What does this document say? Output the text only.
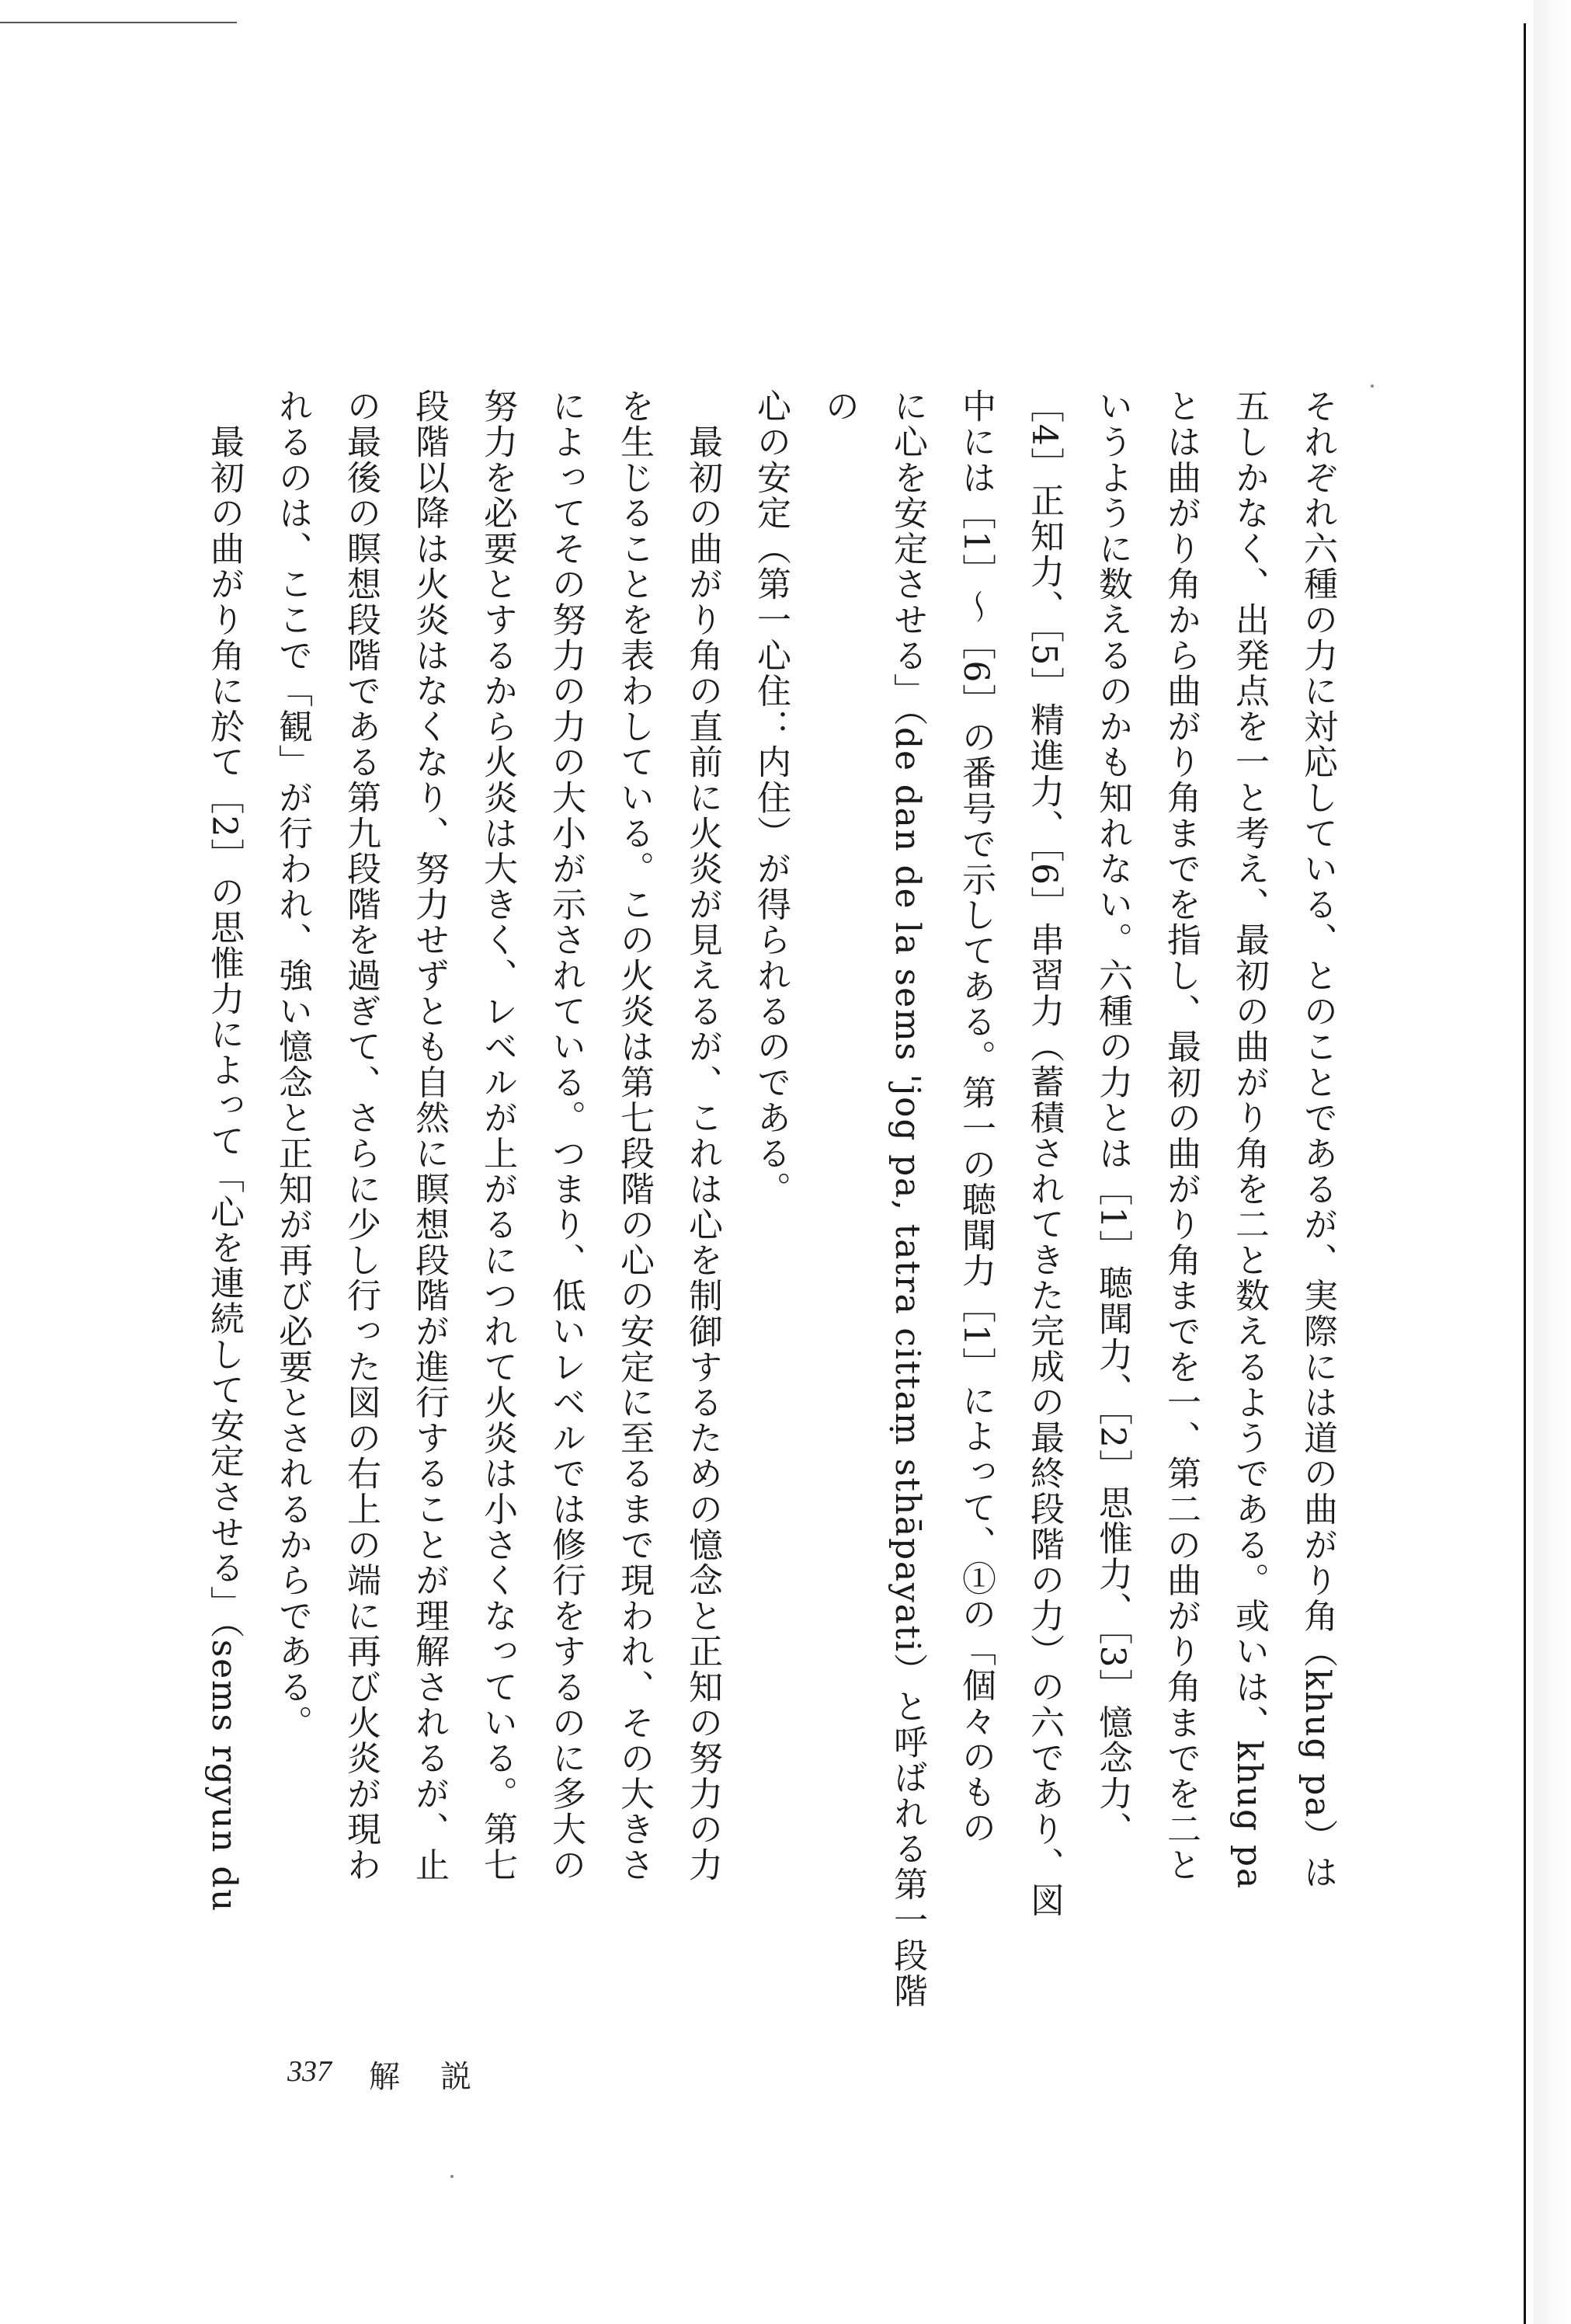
それぞれ六種の力に対応している、とのことであるが、実際には道の曲がり角（khug pa）は

五しかなく、出発点を一と考え、最初の曲がり角を二と数えるようである。或いは、khug pa

とは曲がり角から曲がり角までを指し、最初の曲がり角までを一、第二の曲がり角までを二と

いうように数えるのかも知れない。六種の力とは［1］聴聞力、［2］思惟力、［3］憶念力、

［4］正知力、［5］精進力、［6］串習力（蓄積されてきた完成の最終段階の力）の六であり、図

中には［1］～［6］の番号で示してある。第一の聴聞力［1］によって、①の「個々のもの

に心を安定させる」（de dan de la sems 'jog pa, tatra cittaṃ sthāpayati）と呼ばれる第一段階の

心の安定（第一心住：内住）が得られるのである。

　最初の曲がり角の直前に火炎が見えるが、これは心を制御するための憶念と正知の努力の力

を生じることを表わしている。この火炎は第七段階の心の安定に至るまで現われ、その大きさ

によってその努力の力の大小が示されている。つまり、低いレベルでは修行をするのに多大の

努力を必要とするから火炎は大きく、レベルが上がるにつれて火炎は小さくなっている。第七

段階以降は火炎はなくなり、努力せずとも自然に瞑想段階が進行することが理解されるが、止

の最後の瞑想段階である第九段階を過ぎて、さらに少し行った図の右上の端に再び火炎が現わ

れるのは、ここで「観」が行われ、強い憶念と正知が再び必要とされるからである。

　最初の曲がり角に於て［2］の思惟力によって「心を連続して安定させる」（sems rgyun du

337 解説
